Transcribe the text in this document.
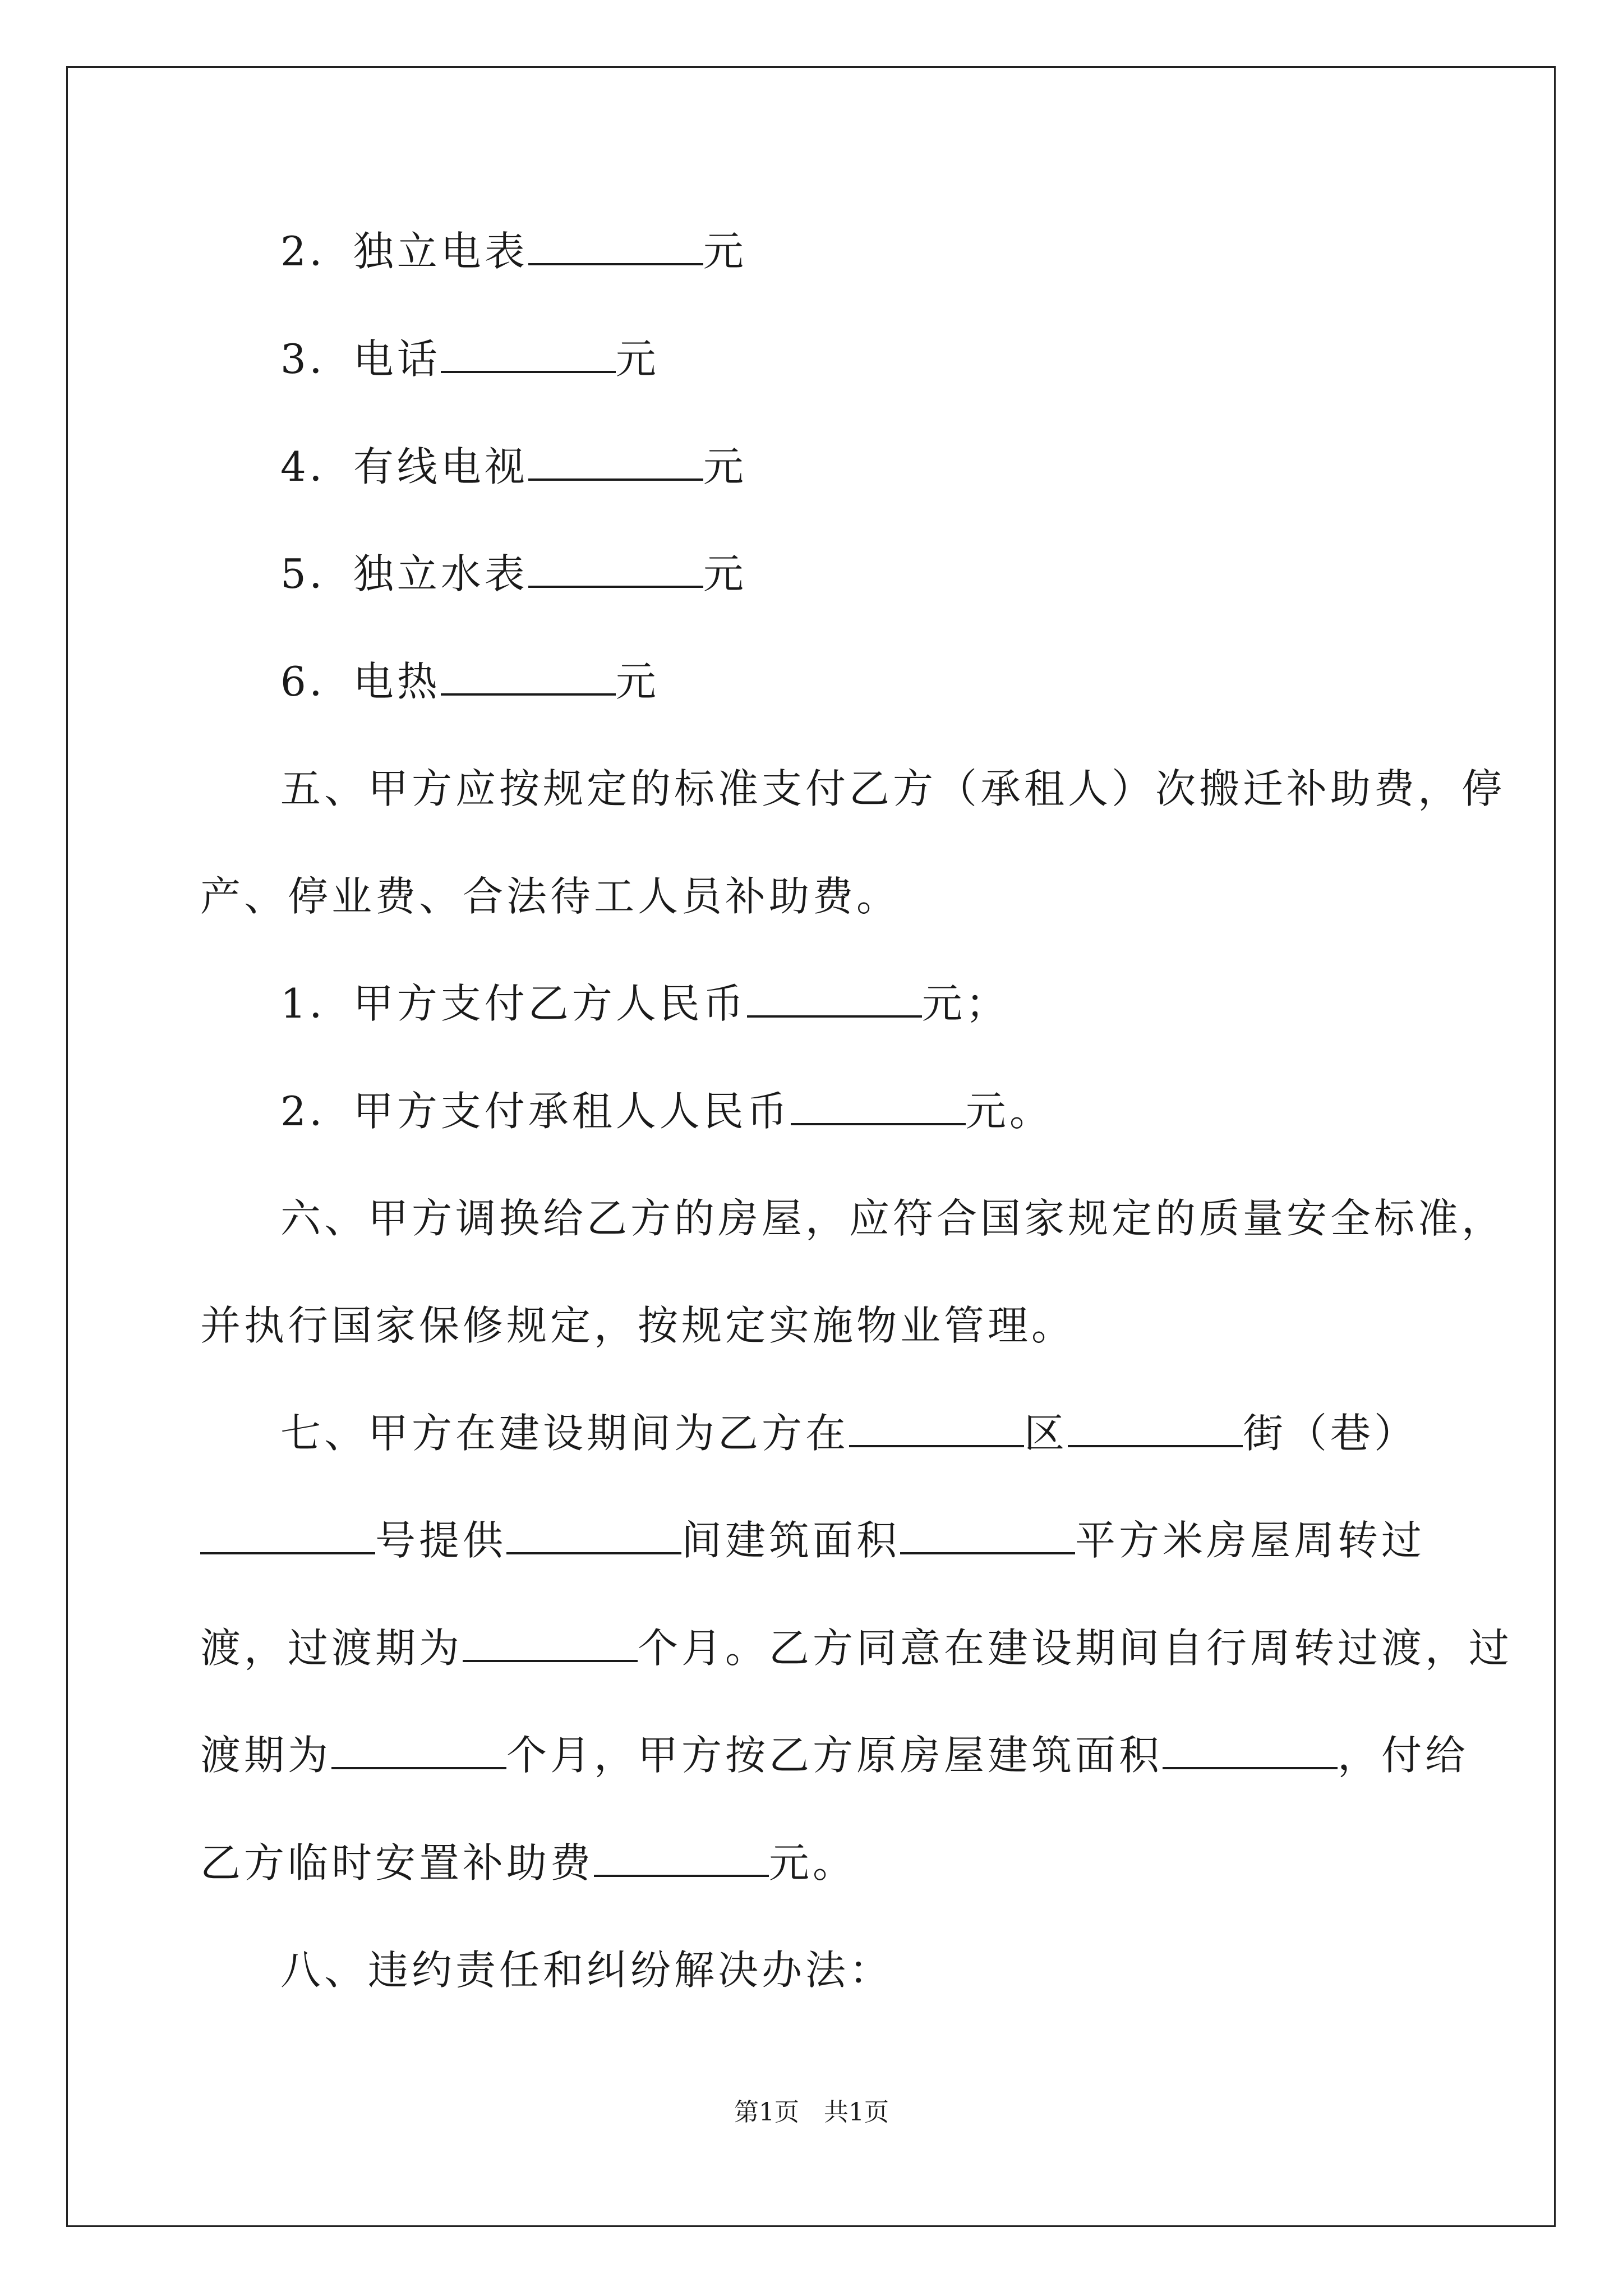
2．独立电表	元
3．电话	元
4．有线电视	元
5．独立水表	元
6．电热	元
五、甲方应按规定的标准支付乙方（承租人）次搬迁补助费，停
产、停业费、合法待工人员补助费。
1．甲方支付乙方人民币	元；
2．甲方支付承租人人民币	元。
六、甲方调换给乙方的房屋，应符合国家规定的质量安全标准，
并执行国家保修规定，按规定实施物业管理。
七、甲方在建设期间为乙方在	区	街（巷）
号提供	间建筑面积	平方米房屋周转过
渡，过渡期为	个月。乙方同意在建设期间自行周转过渡，过
渡期为	个月，甲方按乙方原房屋建筑面积	，付给
乙方临时安置补助费	元。
八、违约责任和纠纷解决办法：
第1页　共1页
